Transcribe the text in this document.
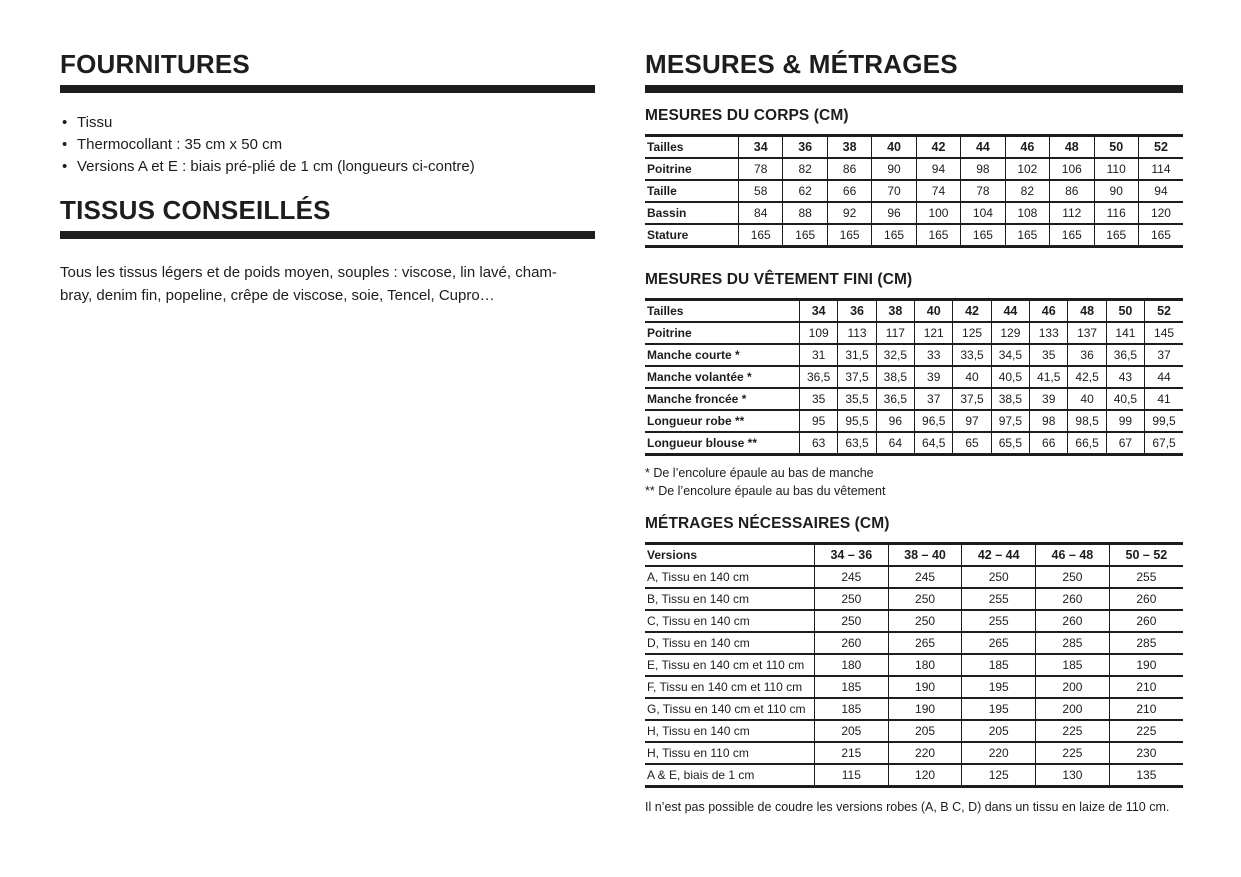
FOURNITURES
• Tissu
• Thermocollant : 35 cm x 50 cm
• Versions A et E : biais pré-plié de 1 cm (longueurs ci-contre)
TISSUS CONSEILLÉS

Tous les tissus légers et de poids moyen, souples : viscose, lin lavé, cham-
bray, denim fin, popeline, crêpe de viscose, soie, Tencel, Cupro…

MESURES & MÉTRAGES
MESURES DU CORPS (CM)
Tailles	34	36	38	40	42	44	46	48	50	52
Poitrine	78	82	86	90	94	98	102	106	110	114
Taille	58	62	66	70	74	78	82	86	90	94
Bassin	84	88	92	96	100	104	108	112	116	120
Stature	165	165	165	165	165	165	165	165	165	165
MESURES DU VÊTEMENT FINI (CM)
Tailles	34	36	38	40	42	44	46	48	50	52
Poitrine	109	113	117	121	125	129	133	137	141	145
Manche courte *	31	31,5	32,5	33	33,5	34,5	35	36	36,5	37
Manche volantée *	36,5	37,5	38,5	39	40	40,5	41,5	42,5	43	44
Manche froncée *	35	35,5	36,5	37	37,5	38,5	39	40	40,5	41
Longueur robe **	95	95,5	96	96,5	97	97,5	98	98,5	99	99,5
Longueur blouse **	63	63,5	64	64,5	65	65,5	66	66,5	67	67,5
* De l’encolure épaule au bas de manche
** De l’encolure épaule au bas du vêtement
MÉTRAGES NÉCESSAIRES (CM)
Versions	34 – 36	38 – 40	42 – 44	46 – 48	50 – 52
A, Tissu en 140 cm	245	245	250	250	255
B, Tissu en 140 cm	250	250	255	260	260
C, Tissu en 140 cm	250	250	255	260	260
D, Tissu en 140 cm	260	265	265	285	285
E, Tissu en 140 cm et 110 cm	180	180	185	185	190
F, Tissu en 140 cm et 110 cm	185	190	195	200	210
G, Tissu en 140 cm et 110 cm	185	190	195	200	210
H, Tissu en 140 cm	205	205	205	225	225
H, Tissu en 110 cm	215	220	220	225	230
A & E, biais de 1 cm	115	120	125	130	135

Il n’est pas possible de coudre les versions robes (A, B C, D) dans un tissu en laize de 110 cm.
